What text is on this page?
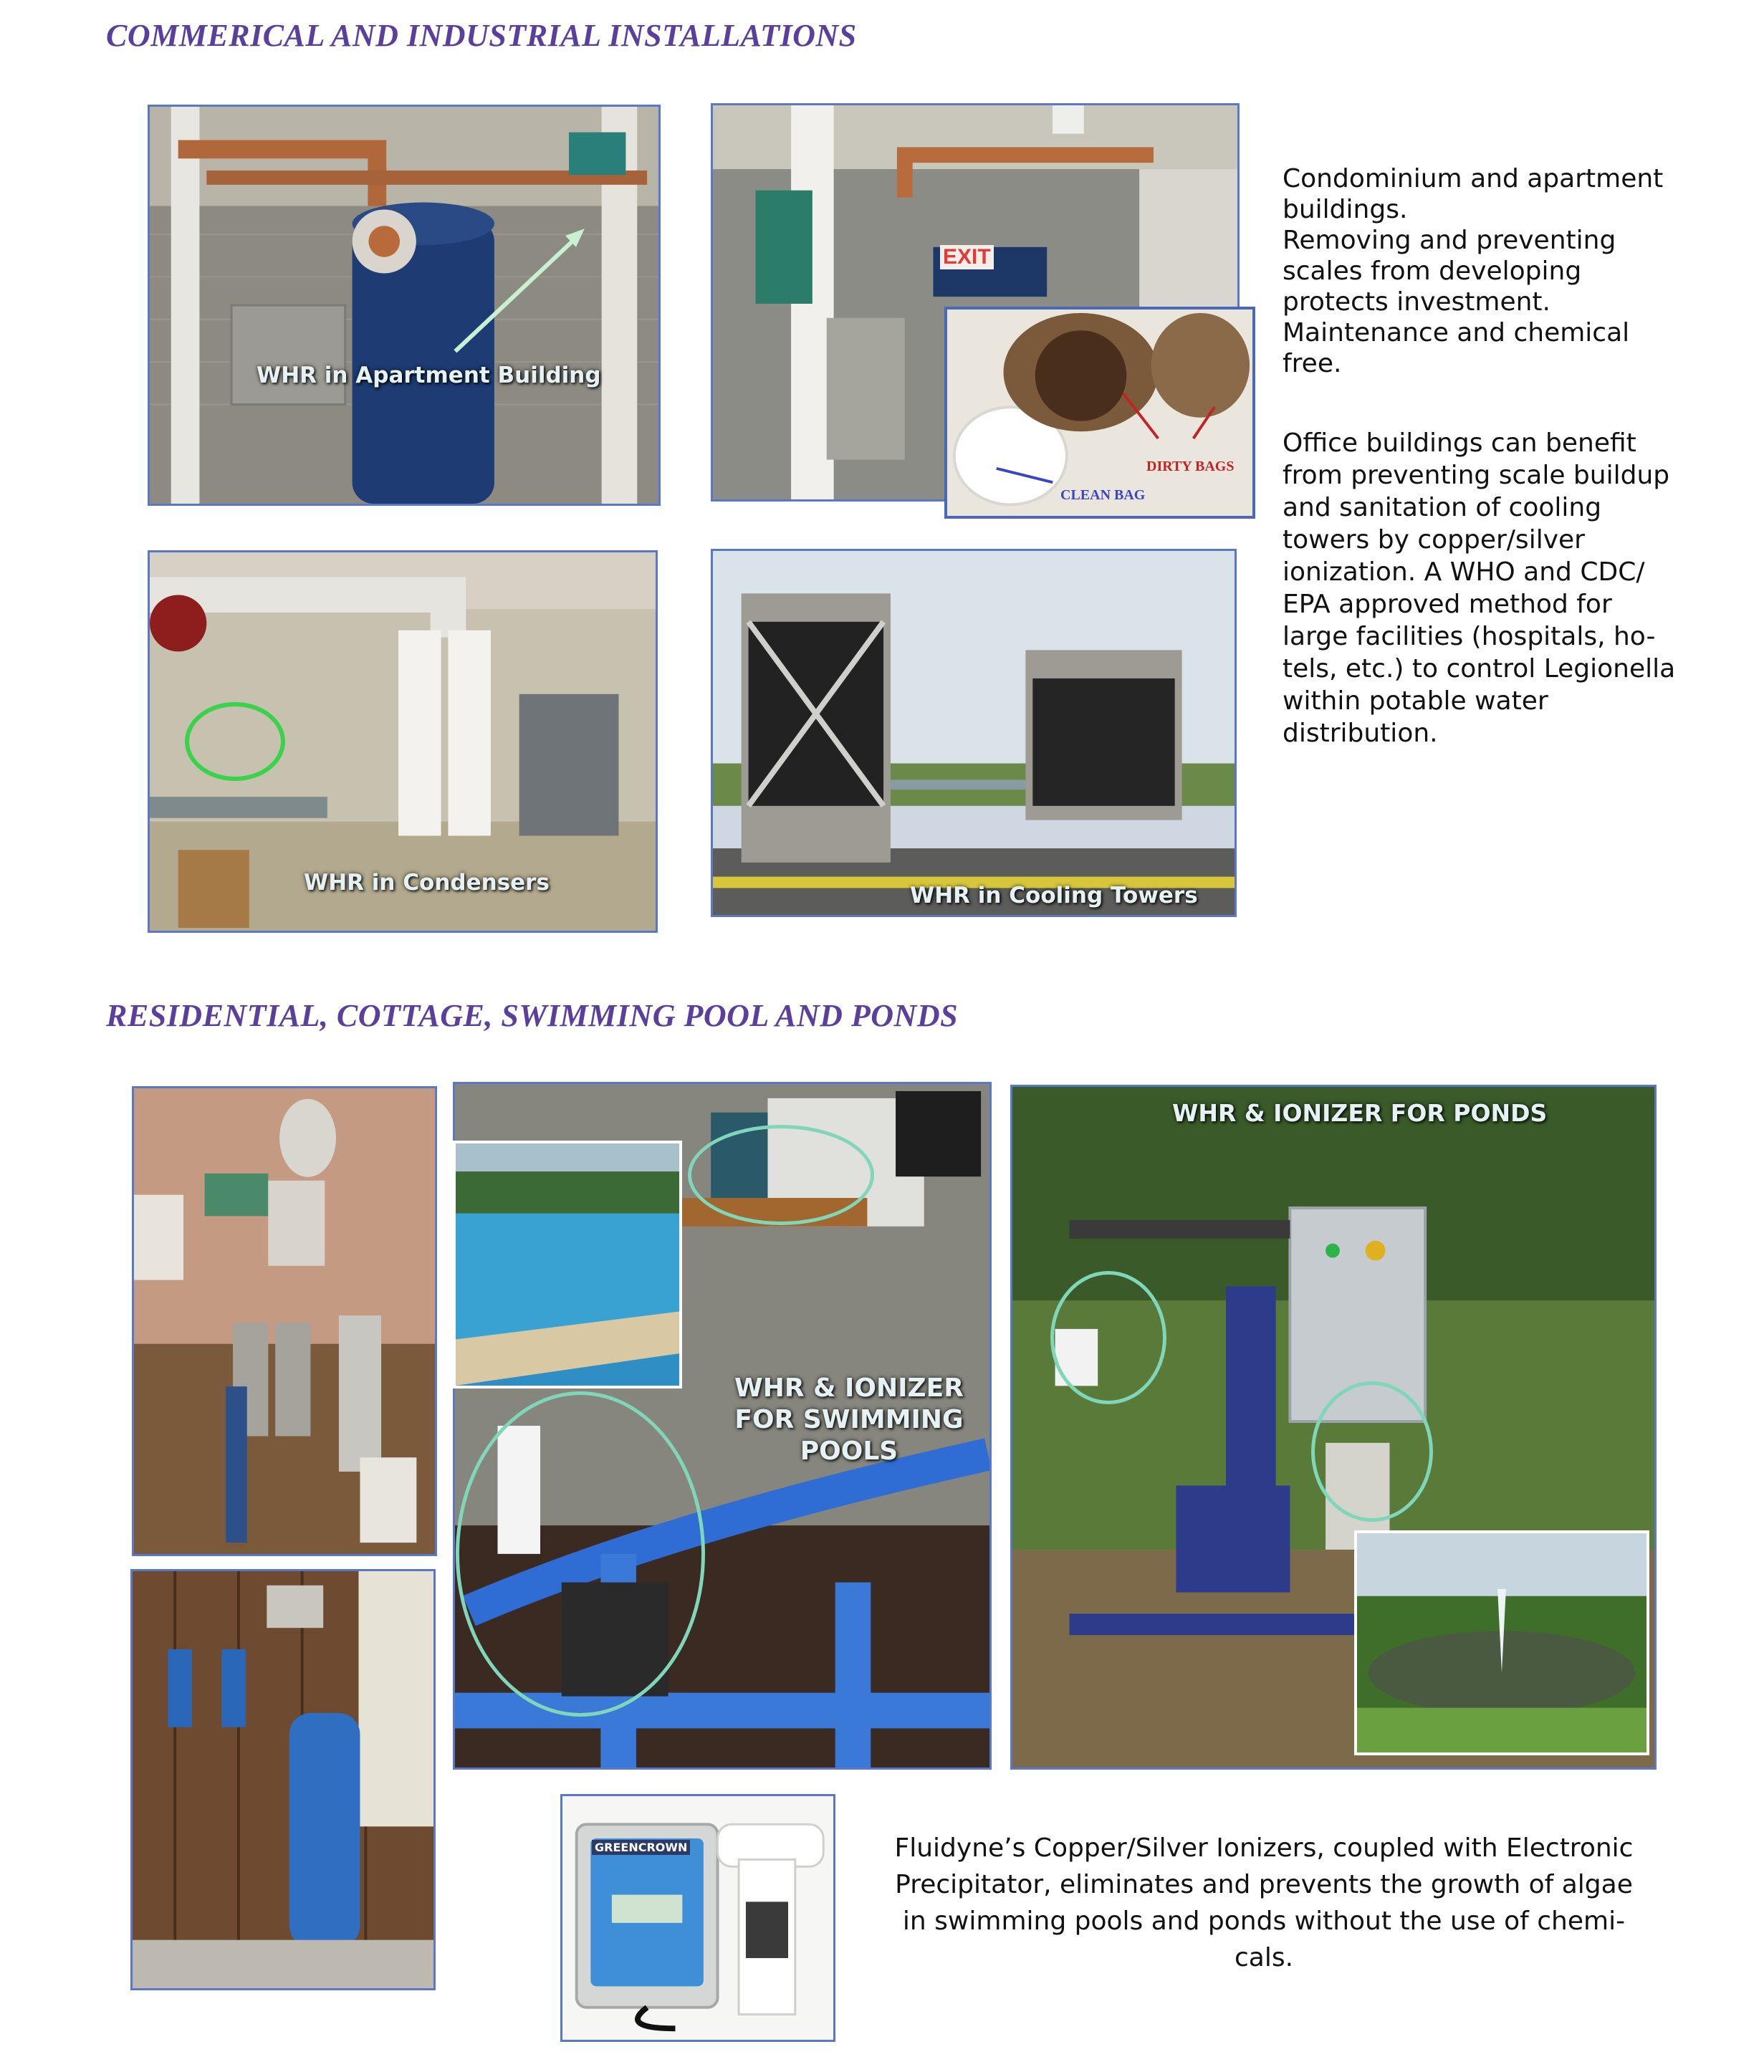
COMMERICAL AND INDUSTRIAL INSTALLATIONS
WHR in Apartment Building
EXIT
DIRTY BAGS
CLEAN BAG

Condominium and apartment
buildings.
Removing and preventing
scales from developing
protects investment.
Maintenance and chemical
free.

Office buildings can benefit
from preventing scale buildup
and sanitation of cooling
towers by copper/silver
ionization. A WHO and CDC/
EPA approved method for
large facilities (hospitals, ho-
tels, etc.) to control Legionella
within potable water
distribution.

WHR in Condensers	WHR in Cooling Towers
RESIDENTIAL, COTTAGE, SWIMMING POOL AND PONDS
WHR & IONIZER FOR SWIMMING POOLS
WHR & IONIZER FOR PONDS
GREENCROWN	Fluidyne’s Copper/Silver Ionizers, coupled with Electronic
Precipitator, eliminates and prevents the growth of algae
in swimming pools and ponds without the use of chemi-
cals.
